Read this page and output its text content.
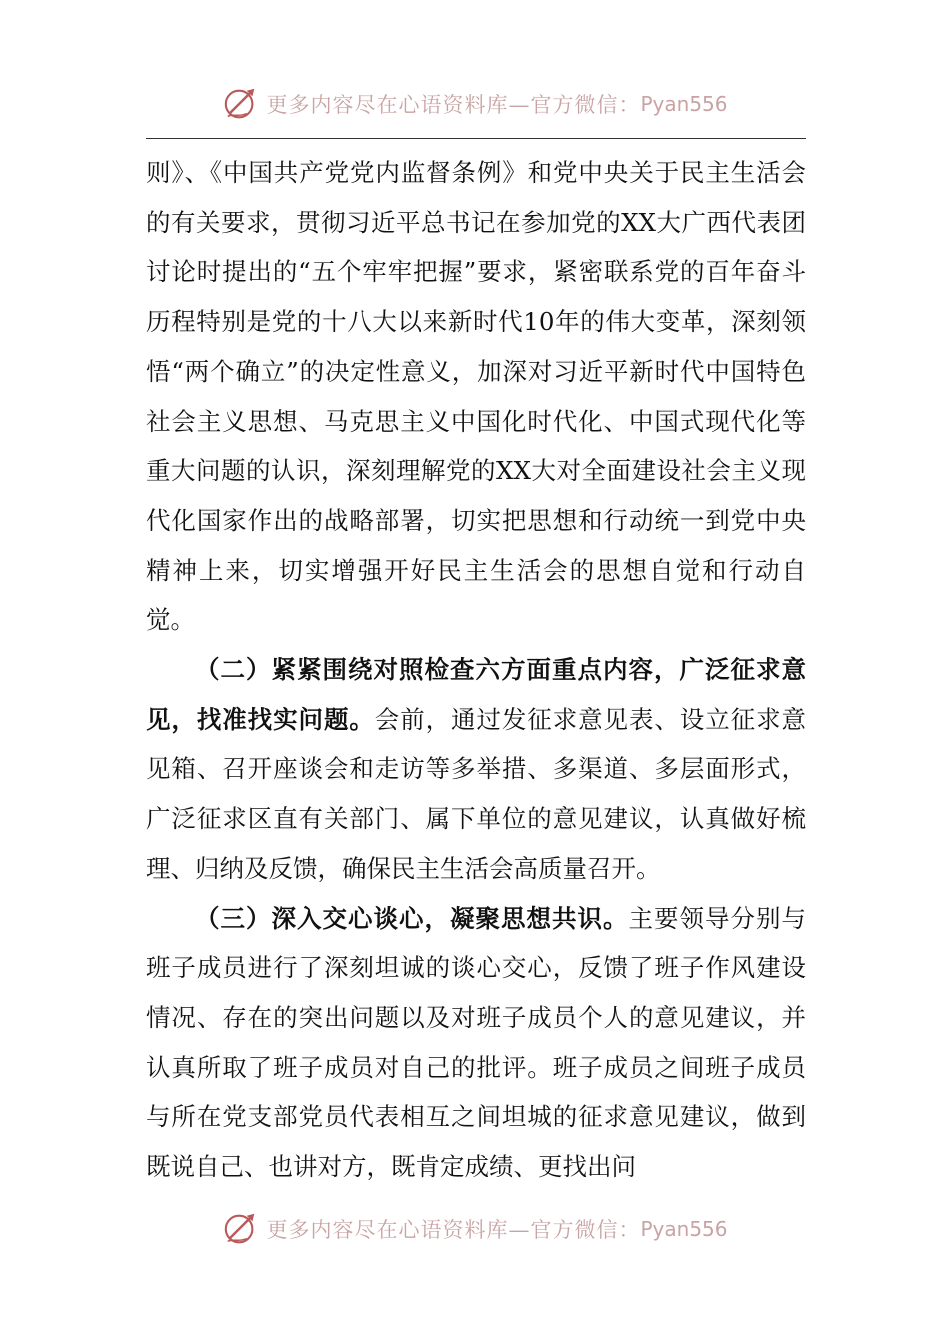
更多内容尽在心语资料库—官方微信： Pyan556

则》、《中国共产党党内监督条例》和党中央关于民主生活会的有关要求，贯彻习近平总书记在参加党的XX大广西代表团讨论时提出的“五个牢牢把握”要求，紧密联系党的百年奋斗历程特别是党的十八大以来新时代10年的伟大变革，深刻领悟“两个确立”的决定性意义，加深对习近平新时代中国特色社会主义思想、马克思主义中国化时代化、中国式现代化等重大问题的认识，深刻理解党的XX大对全面建设社会主义现代化国家作出的战略部署，切实把思想和行动统一到党中央精神上来，切实增强开好民主生活会的思想自觉和行动自觉。

（二）紧紧围绕对照检查六方面重点内容，广泛征求意见，找准找实问题。会前，通过发征求意见表、设立征求意见箱、召开座谈会和走访等多举措、多渠道、多层面形式，广泛征求区直有关部门、属下单位的意见建议，认真做好梳理、归纳及反馈，确保民主生活会高质量召开。

（三）深入交心谈心，凝聚思想共识。主要领导分别与班子成员进行了深刻坦诚的谈心交心，反馈了班子作风建设情况、存在的突出问题以及对班子成员个人的意见建议，并认真所取了班子成员对自己的批评。班子成员之间班子成员与所在党支部党员代表相互之间坦城的征求意见建议，做到既说自己、也讲对方，既肯定成绩、更找出问

更多内容尽在心语资料库—官方微信： Pyan556
